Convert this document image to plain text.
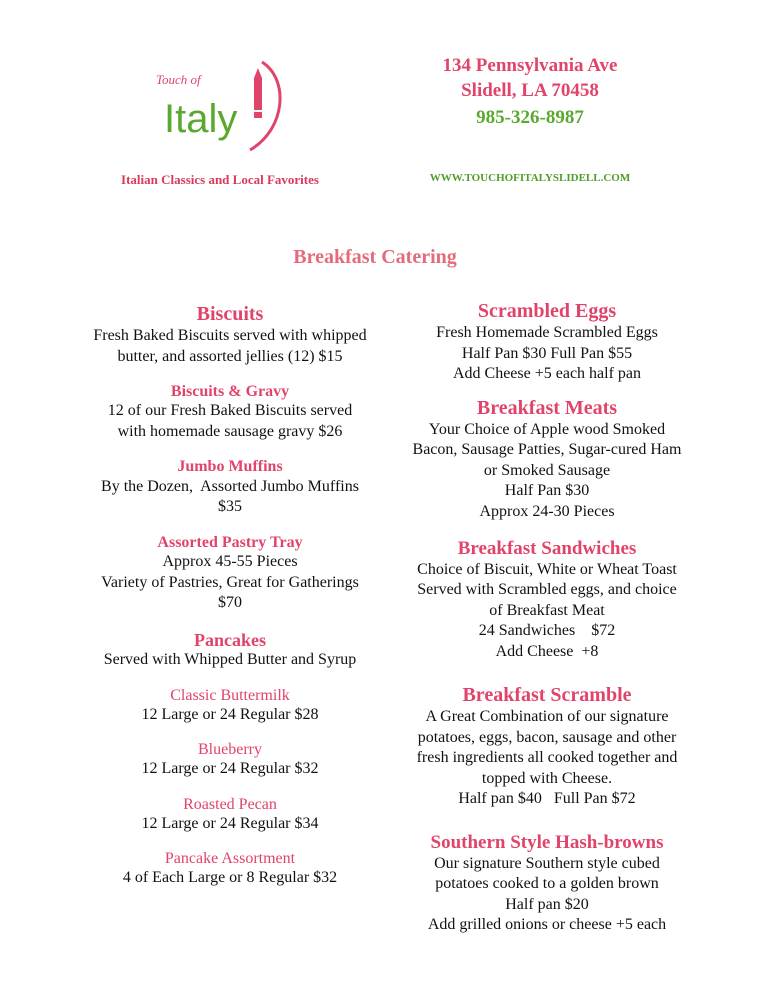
Touch of
Italy
Italian Classics and Local Favorites
134 Pennsylvania Ave
Slidell, LA 70458
985-326-8987
WWW.TOUCHOFITALYSLIDELL.COM
Breakfast Catering
Biscuits
Fresh Baked Biscuits served with whipped
butter, and assorted jellies (12) $15
Biscuits & Gravy
12 of our Fresh Baked Biscuits served
with homemade sausage gravy $26
Jumbo Muffins
By the Dozen,  Assorted Jumbo Muffins
$35
Assorted Pastry Tray
Approx 45-55 Pieces
Variety of Pastries, Great for Gatherings
$70
Pancakes
Served with Whipped Butter and Syrup
Classic Buttermilk
12 Large or 24 Regular $28
Blueberry
12 Large or 24 Regular $32
Roasted Pecan
12 Large or 24 Regular $34
Pancake Assortment
4 of Each Large or 8 Regular $32
Scrambled Eggs
Fresh Homemade Scrambled Eggs
Half Pan $30 Full Pan $55
Add Cheese +5 each half pan
Breakfast Meats
Your Choice of Apple wood Smoked
Bacon, Sausage Patties, Sugar-cured Ham
or Smoked Sausage
Half Pan $30
Approx 24-30 Pieces
Breakfast Sandwiches
Choice of Biscuit, White or Wheat Toast
Served with Scrambled eggs, and choice
of Breakfast Meat
24 Sandwiches    $72
Add Cheese  +8
Breakfast Scramble
A Great Combination of our signature
potatoes, eggs, bacon, sausage and other
fresh ingredients all cooked together and
topped with Cheese.
Half pan $40   Full Pan $72
Southern Style Hash-browns
Our signature Southern style cubed
potatoes cooked to a golden brown
Half pan $20
Add grilled onions or cheese +5 each
